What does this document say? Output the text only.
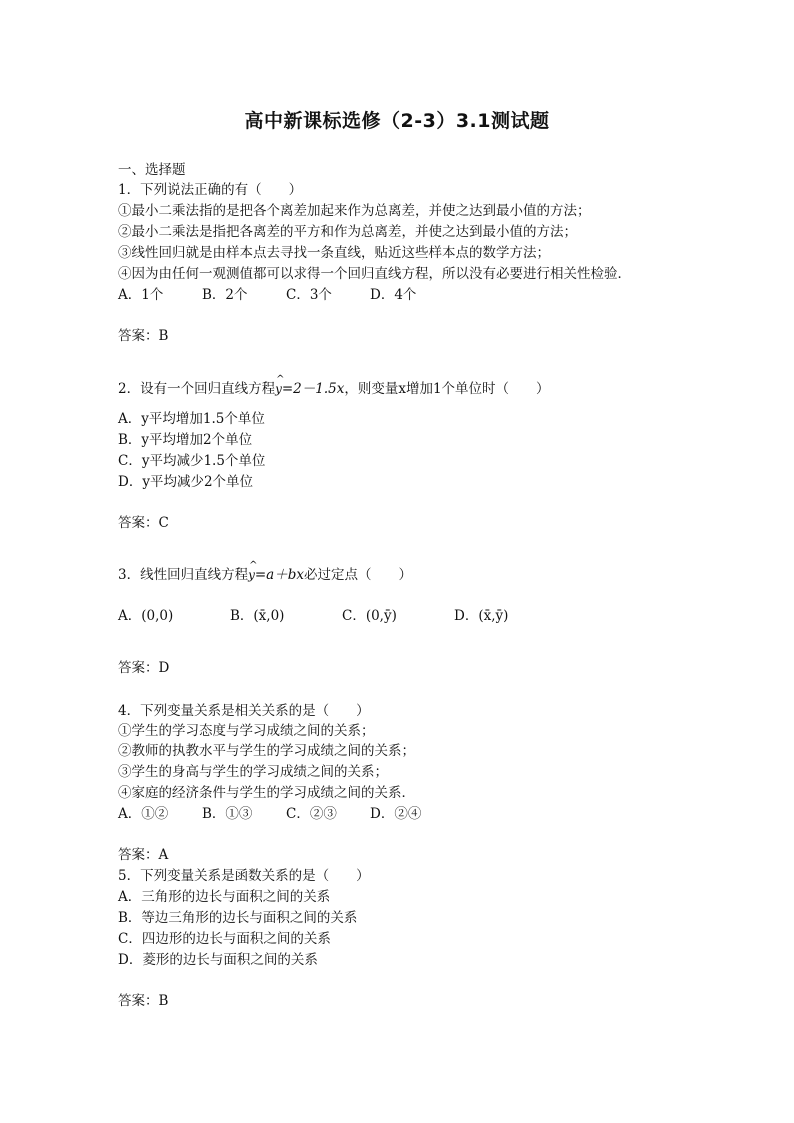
高中新课标选修（2-3）3.1测试题
一、选择题
1．下列说法正确的有（　　）
①最小二乘法指的是把各个离差加起来作为总离差，并使之达到最小值的方法；
②最小二乘法是指把各离差的平方和作为总离差，并使之达到最小值的方法；
③线性回归就是由样本点去寻找一条直线，贴近这些样本点的数学方法；
④因为由任何一观测值都可以求得一个回归直线方程，所以没有必要进行相关性检验．
A．1个	B．2个	C．3个	D．4个
答案：B
2．设有一个回归直线方程^ y=2－1.5x，则变量x增加1个单位时（　　）
A．y平均增加1.5个单位
B．y平均增加2个单位
C．y平均减少1.5个单位
D．y平均减少2个单位
答案：C
3．线性回归直线方程^ y=a＋bx必过定点（　　）
A．(0,0)	B．(x̄,0)	C．(0,ȳ)	D．(x̄,ȳ)
答案：D
4．下列变量关系是相关关系的是（　　）
①学生的学习态度与学习成绩之间的关系；
②教师的执教水平与学生的学习成绩之间的关系；
③学生的身高与学生的学习成绩之间的关系；
④家庭的经济条件与学生的学习成绩之间的关系．
A．①②	B．①③ C．②③ D．②④
答案：A
5．下列变量关系是函数关系的是（　　）
A．三角形的边长与面积之间的关系
B．等边三角形的边长与面积之间的关系
C．四边形的边长与面积之间的关系
D．菱形的边长与面积之间的关系
答案：B
